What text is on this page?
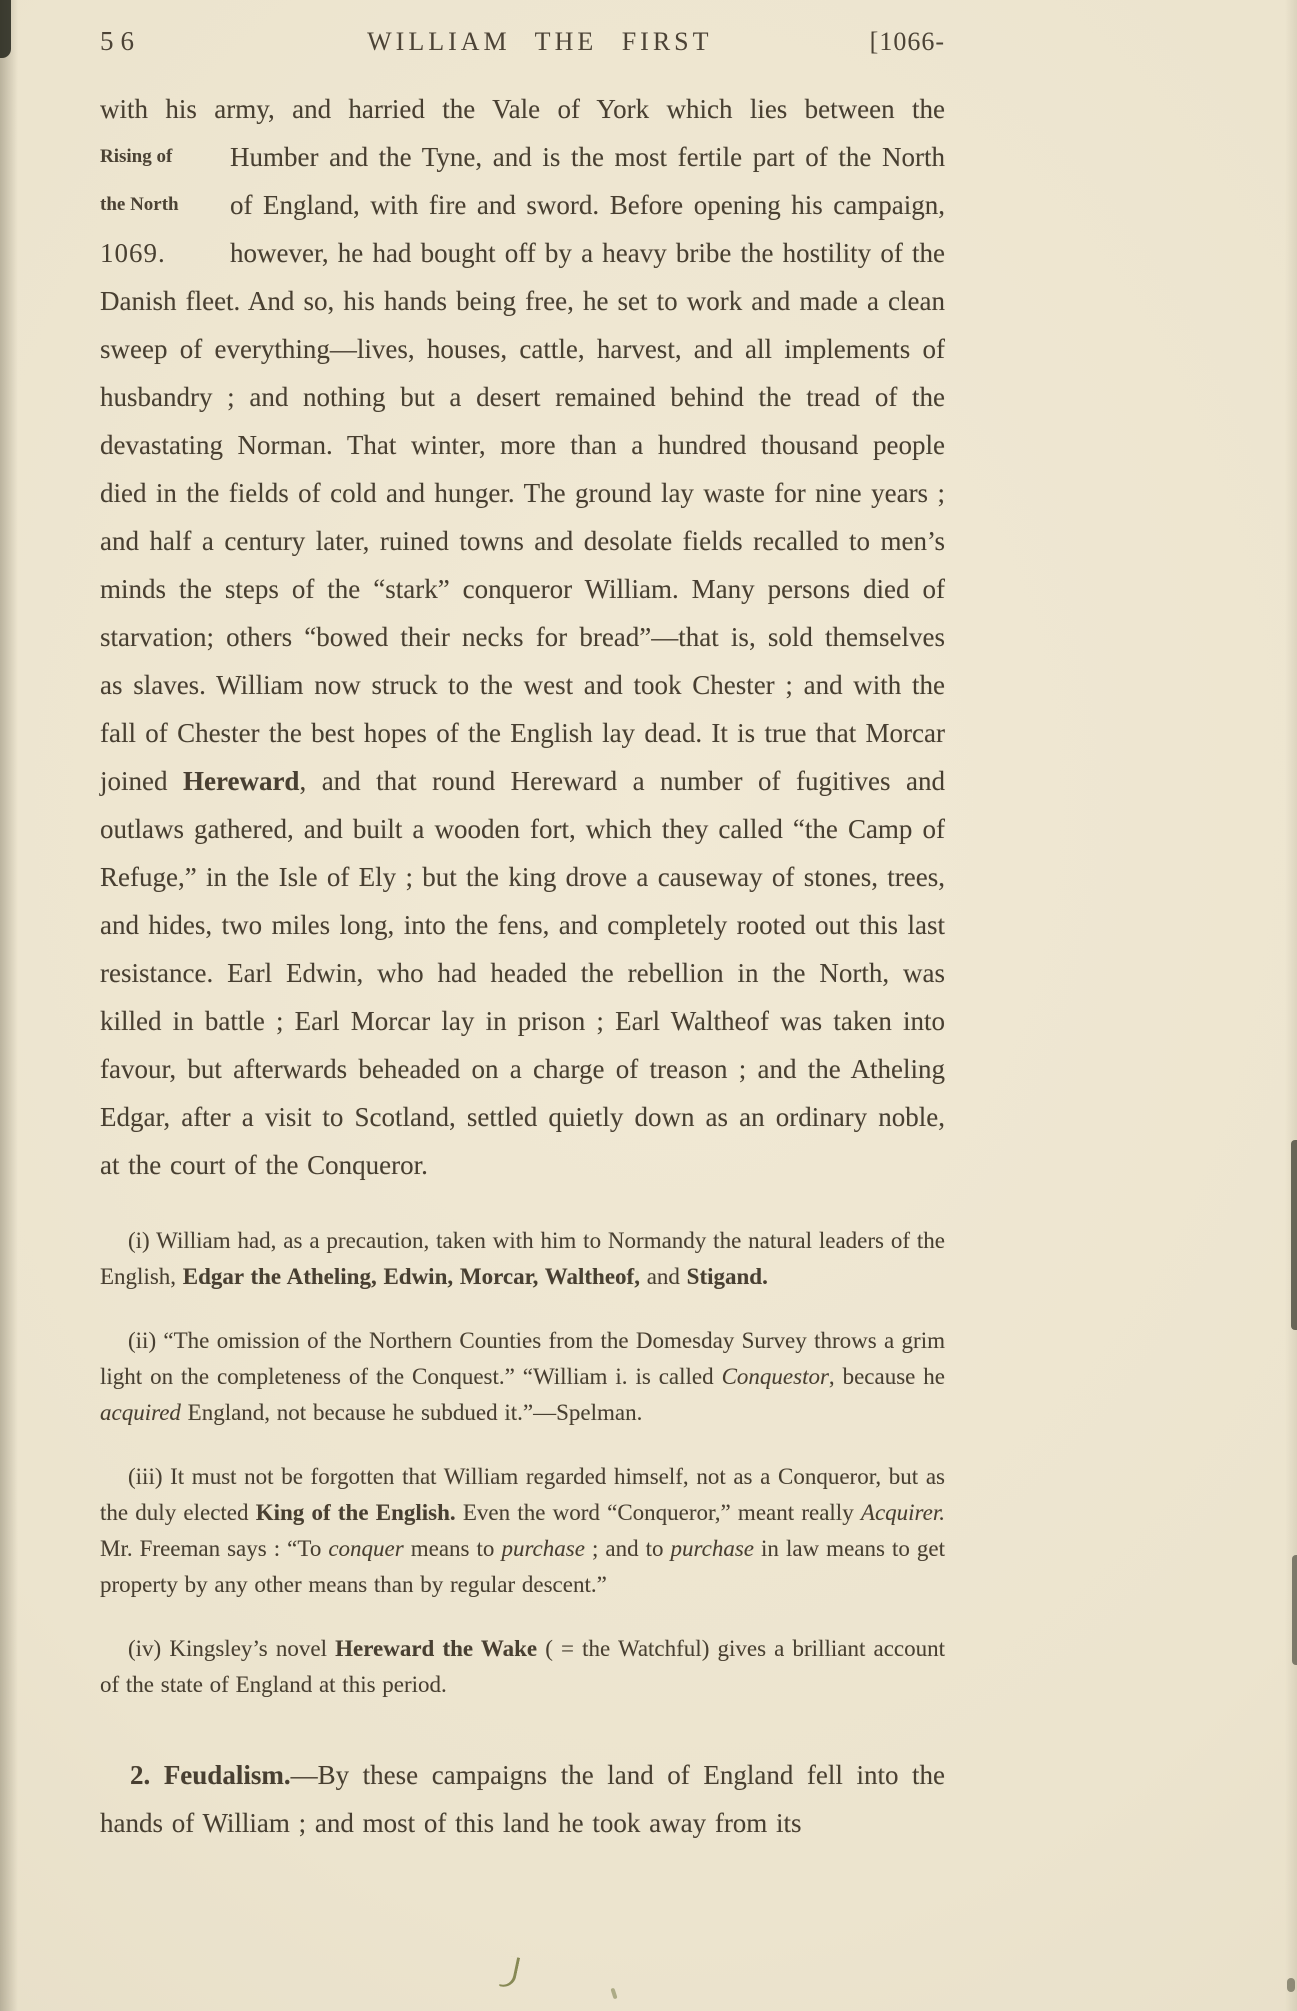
56	WILLIAM THE FIRST	[1066-

with his army, and harried the Vale of York which lies between the

Rising of
the North
1069.

Humber and the Tyne, and is the most fertile part of the North of England, with fire and sword. Before opening his campaign, however, he had bought off by a heavy bribe the hostility of the Danish fleet. And so, his hands being free, he set to work and made a clean sweep of everything—lives, houses, cattle, harvest, and all implements of husbandry ; and nothing but a desert remained behind the tread of the devastating Norman. That winter, more than a hundred thousand people died in the fields of cold and hunger. The ground lay waste for nine years ; and half a century later, ruined towns and desolate fields recalled to men’s minds the steps of the “stark” conqueror William. Many persons died of starvation; others “bowed their necks for bread”—that is, sold themselves as slaves. William now struck to the west and took Chester ; and with the fall of Chester the best hopes of the English lay dead. It is true that Morcar joined Hereward, and that round Hereward a number of fugitives and outlaws gathered, and built a wooden fort, which they called “the Camp of Refuge,” in the Isle of Ely ; but the king drove a causeway of stones, trees, and hides, two miles long, into the fens, and completely rooted out this last resistance. Earl Edwin, who had headed the rebellion in the North, was killed in battle ; Earl Morcar lay in prison ; Earl Waltheof was taken into favour, but afterwards beheaded on a charge of treason ; and the Atheling Edgar, after a visit to Scotland, settled quietly down as an ordinary noble, at the court of the Conqueror.

(i) William had, as a precaution, taken with him to Normandy the natural leaders of the English, Edgar the Atheling, Edwin, Morcar, Waltheof, and Stigand.

(ii) “The omission of the Northern Counties from the Domesday Survey throws a grim light on the completeness of the Conquest.” “William i. is called Conquestor, because he acquired England, not because he subdued it.”—Spelman.

(iii) It must not be forgotten that William regarded himself, not as a Conqueror, but as the duly elected King of the English. Even the word “Conqueror,” meant really Acquirer. Mr. Freeman says : “To conquer means to purchase ; and to purchase in law means to get property by any other means than by regular descent.”

(iv) Kingsley’s novel Hereward the Wake ( = the Watchful) gives a brilliant account of the state of England at this period.

2. Feudalism.—By these campaigns the land of England fell into the hands of William ; and most of this land he took away from its
